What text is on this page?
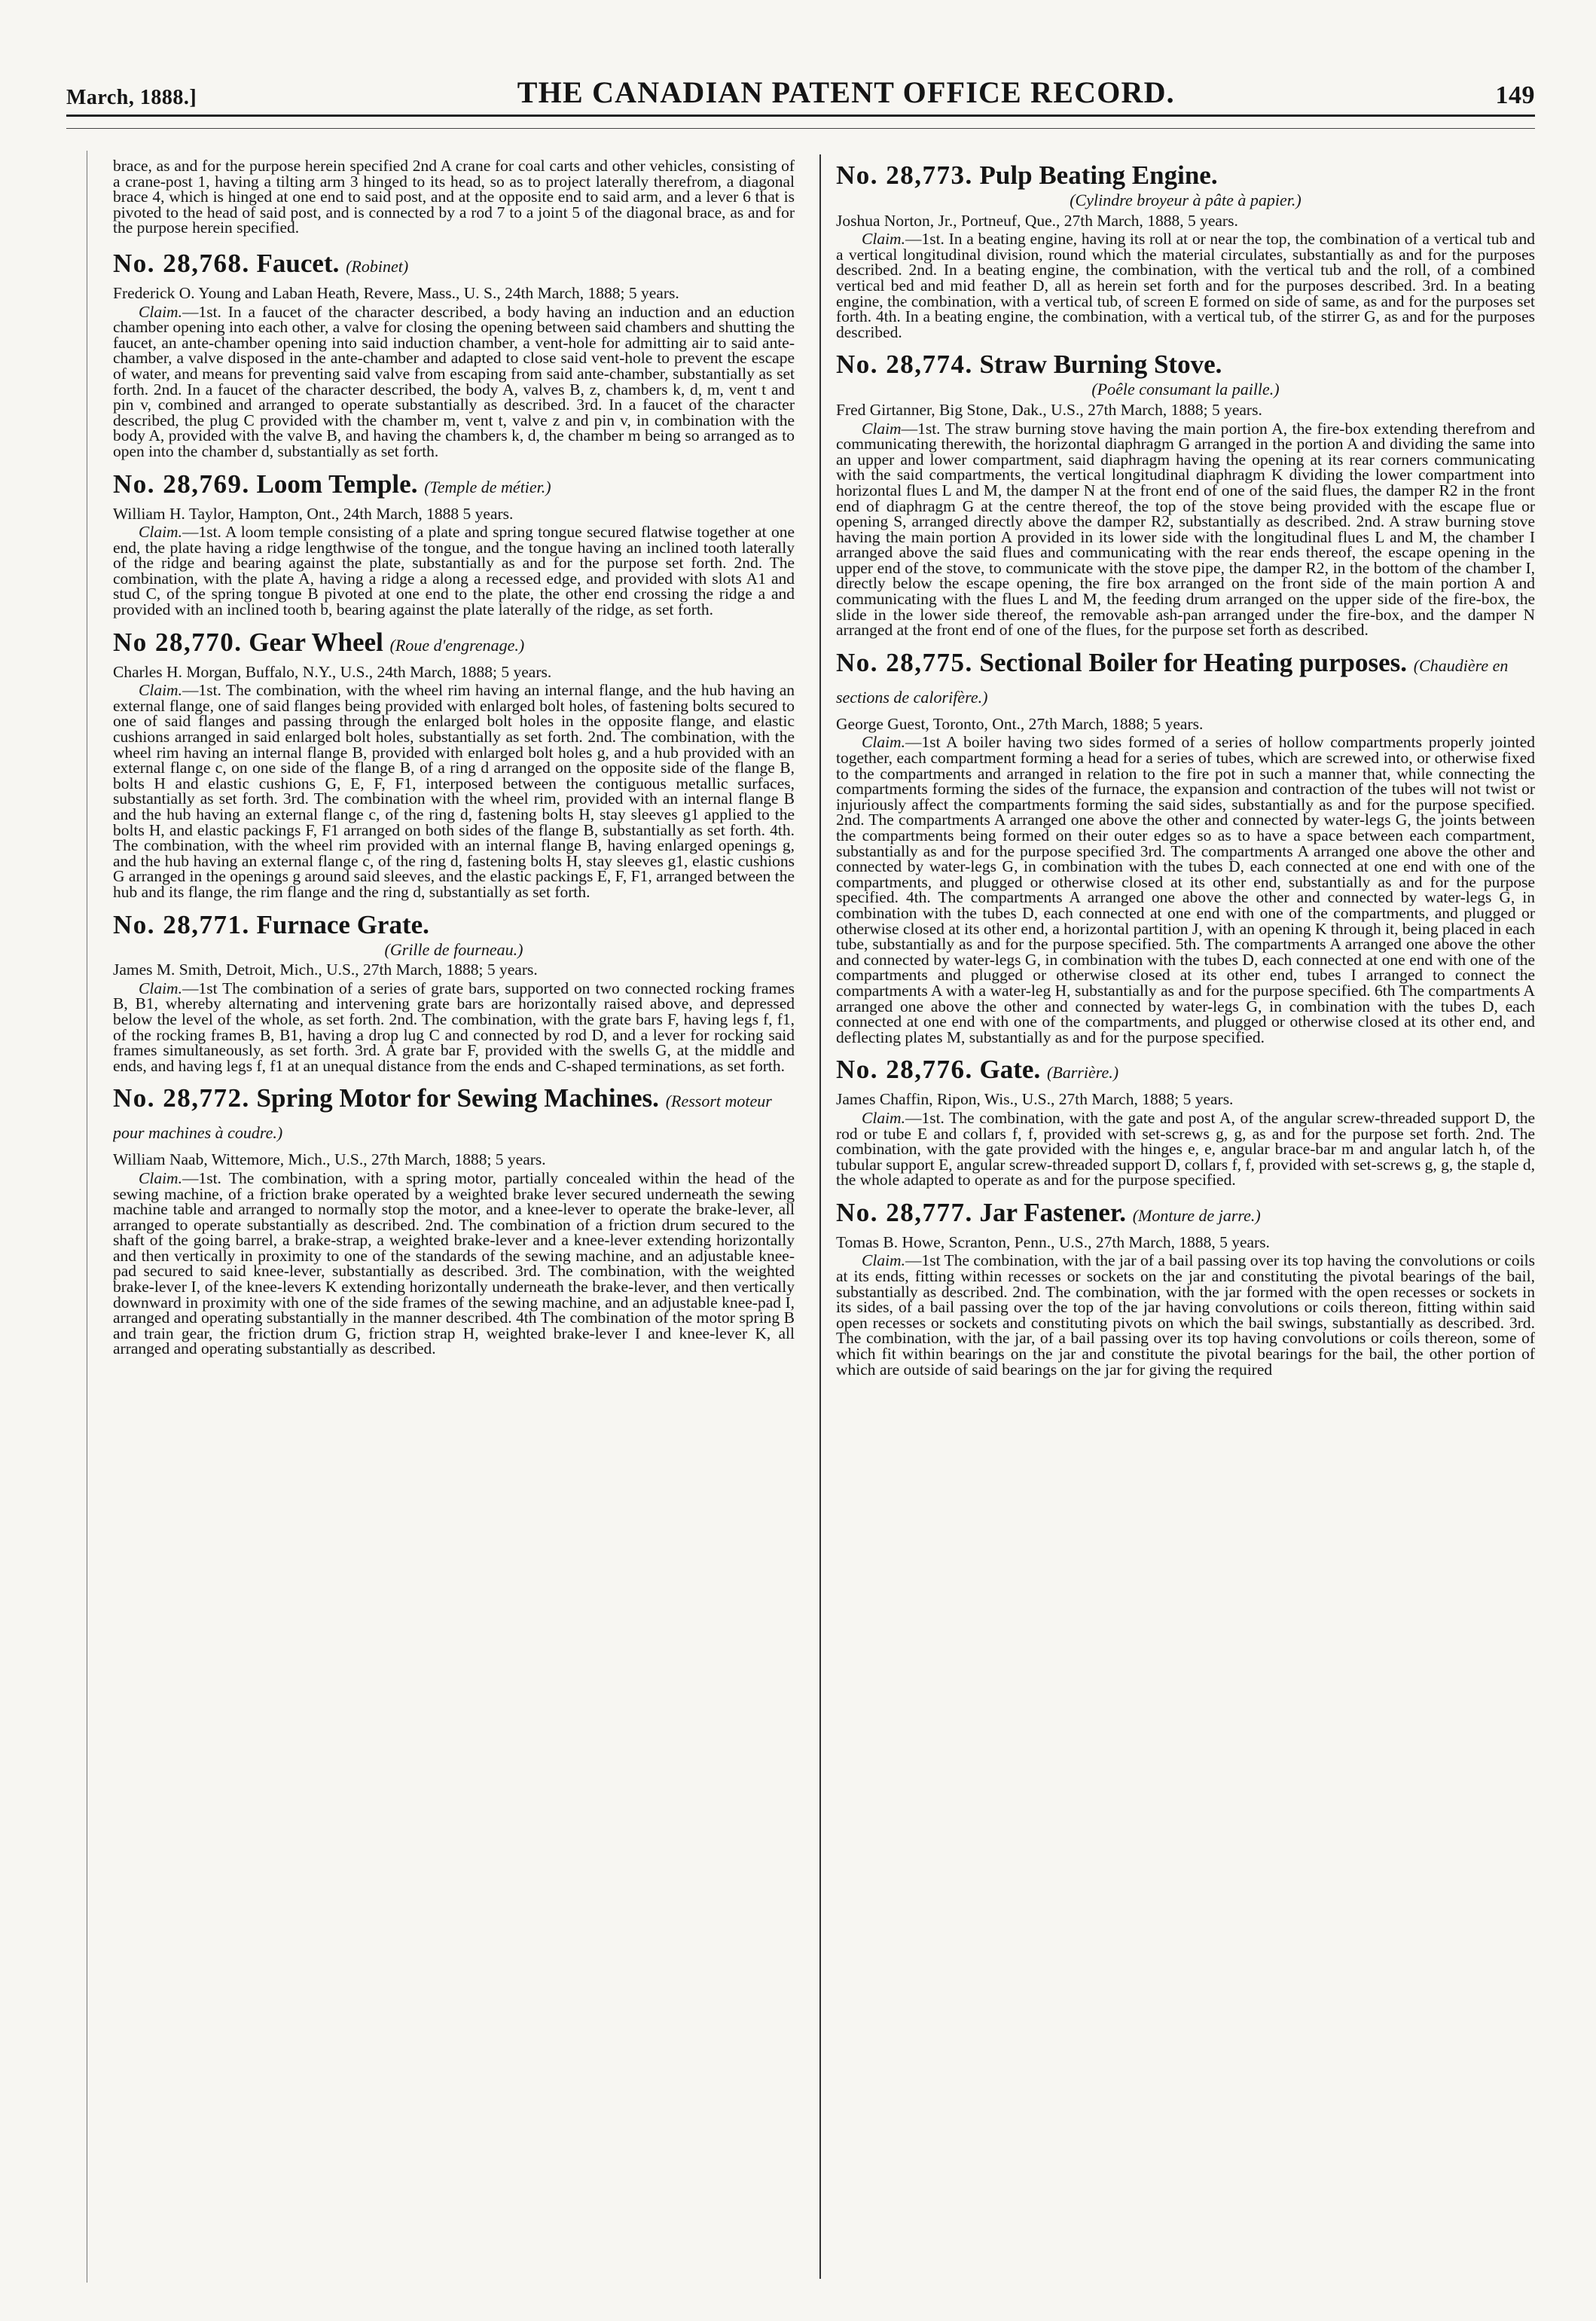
March, 1888.]	THE CANADIAN PATENT OFFICE RECORD.	149

brace, as and for the purpose herein specified 2nd A crane for coal carts and other vehicles, consisting of a crane-post 1, having a tilting arm 3 hinged to its head, so as to project laterally therefrom, a diagonal brace 4, which is hinged at one end to said post, and at the opposite end to said arm, and a lever 6 that is pivoted to the head of said post, and is connected by a rod 7 to a joint 5 of the diagonal brace, as and for the purpose herein specified.

No. 28,768. Faucet. (Robinet)
Frederick O. Young and Laban Heath, Revere, Mass., U. S., 24th March, 1888; 5 years.

Claim.—1st. In a faucet of the character described, a body having an induction and an eduction chamber opening into each other, a valve for closing the opening between said chambers and shutting the faucet, an ante-chamber opening into said induction chamber, a vent-hole for admitting air to said ante-chamber, a valve disposed in the ante-chamber and adapted to close said vent-hole to prevent the escape of water, and means for preventing said valve from escaping from said ante-chamber, substantially as set forth. 2nd. In a faucet of the character described, the body A, valves B, z, chambers k, d, m, vent t and pin v, combined and arranged to operate substantially as described. 3rd. In a faucet of the character described, the plug C provided with the chamber m, vent t, valve z and pin v, in combination with the body A, provided with the valve B, and having the chambers k, d, the chamber m being so arranged as to open into the chamber d, substantially as set forth.

No. 28,769. Loom Temple. (Temple de métier.)
William H. Taylor, Hampton, Ont., 24th March, 1888 5 years.

Claim.—1st. A loom temple consisting of a plate and spring tongue secured flatwise together at one end, the plate having a ridge lengthwise of the tongue, and the tongue having an inclined tooth laterally of the ridge and bearing against the plate, substantially as and for the purpose set forth. 2nd. The combination, with the plate A, having a ridge a along a recessed edge, and provided with slots A1 and stud C, of the spring tongue B pivoted at one end to the plate, the other end crossing the ridge a and provided with an inclined tooth b, bearing against the plate laterally of the ridge, as set forth.

No 28,770. Gear Wheel (Roue d'engrenage.)
Charles H. Morgan, Buffalo, N.Y., U.S., 24th March, 1888; 5 years.

Claim.—1st. The combination, with the wheel rim having an internal flange, and the hub having an external flange, one of said flanges being provided with enlarged bolt holes, of fastening bolts secured to one of said flanges and passing through the enlarged bolt holes in the opposite flange, and elastic cushions arranged in said enlarged bolt holes, substantially as set forth. 2nd. The combination, with the wheel rim having an internal flange B, provided with enlarged bolt holes g, and a hub provided with an external flange c, on one side of the flange B, of a ring d arranged on the opposite side of the flange B, bolts H and elastic cushions G, E, F, F1, interposed between the contiguous metallic surfaces, substantially as set forth. 3rd. The combination with the wheel rim, provided with an internal flange B and the hub having an external flange c, of the ring d, fastening bolts H, stay sleeves g1 applied to the bolts H, and elastic packings F, F1 arranged on both sides of the flange B, substantially as set forth. 4th. The combination, with the wheel rim provided with an internal flange B, having enlarged openings g, and the hub having an external flange c, of the ring d, fastening bolts H, stay sleeves g1, elastic cushions G arranged in the openings g around said sleeves, and the elastic packings E, F, F1, arranged between the hub and its flange, the rim flange and the ring d, substantially as set forth.

No. 28,771. Furnace Grate.
(Grille de fourneau.)
James M. Smith, Detroit, Mich., U.S., 27th March, 1888; 5 years.

Claim.—1st The combination of a series of grate bars, supported on two connected rocking frames B, B1, whereby alternating and intervening grate bars are horizontally raised above, and depressed below the level of the whole, as set forth. 2nd. The combination, with the grate bars F, having legs f, f1, of the rocking frames B, B1, having a drop lug C and connected by rod D, and a lever for rocking said frames simultaneously, as set forth. 3rd. A grate bar F, provided with the swells G, at the middle and ends, and having legs f, f1 at an unequal distance from the ends and C-shaped terminations, as set forth.

No. 28,772. Spring Motor for Sewing Machines. (Ressort moteur pour machines à coudre.)
William Naab, Wittemore, Mich., U.S., 27th March, 1888; 5 years.

Claim.—1st. The combination, with a spring motor, partially concealed within the head of the sewing machine, of a friction brake operated by a weighted brake lever secured underneath the sewing machine table and arranged to normally stop the motor, and a knee-lever to operate the brake-lever, all arranged to operate substantially as described. 2nd. The combination of a friction drum secured to the shaft of the going barrel, a brake-strap, a weighted brake-lever and a knee-lever extending horizontally and then vertically in proximity to one of the standards of the sewing machine, and an adjustable knee-pad secured to said knee-lever, substantially as described. 3rd. The combination, with the weighted brake-lever I, of the knee-levers K extending horizontally underneath the brake-lever, and then vertically downward in proximity with one of the side frames of the sewing machine, and an adjustable knee-pad I, arranged and operating substantially in the manner described. 4th The combination of the motor spring B and train gear, the friction drum G, friction strap H, weighted brake-lever I and knee-lever K, all arranged and operating substantially as described.

No. 28,773. Pulp Beating Engine.
(Cylindre broyeur à pâte à papier.)
Joshua Norton, Jr., Portneuf, Que., 27th March, 1888, 5 years.

Claim.—1st. In a beating engine, having its roll at or near the top, the combination of a vertical tub and a vertical longitudinal division, round which the material circulates, substantially as and for the purposes described. 2nd. In a beating engine, the combination, with the vertical tub and the roll, of a combined vertical bed and mid feather D, all as herein set forth and for the purposes described. 3rd. In a beating engine, the combination, with a vertical tub, of screen E formed on side of same, as and for the purposes set forth. 4th. In a beating engine, the combination, with a vertical tub, of the stirrer G, as and for the purposes described.

No. 28,774. Straw Burning Stove.
(Poêle consumant la paille.)
Fred Girtanner, Big Stone, Dak., U.S., 27th March, 1888; 5 years.

Claim—1st. The straw burning stove having the main portion A, the fire-box extending therefrom and communicating therewith, the horizontal diaphragm G arranged in the portion A and dividing the same into an upper and lower compartment, said diaphragm having the opening at its rear corners communicating with the said compartments, the vertical longitudinal diaphragm K dividing the lower compartment into horizontal flues L and M, the damper N at the front end of one of the said flues, the damper R2 in the front end of diaphragm G at the centre thereof, the top of the stove being provided with the escape flue or opening S, arranged directly above the damper R2, substantially as described. 2nd. A straw burning stove having the main portion A provided in its lower side with the longitudinal flues L and M, the chamber I arranged above the said flues and communicating with the rear ends thereof, the escape opening in the upper end of the stove, to communicate with the stove pipe, the damper R2, in the bottom of the chamber I, directly below the escape opening, the fire box arranged on the front side of the main portion A and communicating with the flues L and M, the feeding drum arranged on the upper side of the fire-box, the slide in the lower side thereof, the removable ash-pan arranged under the fire-box, and the damper N arranged at the front end of one of the flues, for the purpose set forth as described.

No. 28,775. Sectional Boiler for Heating purposes. (Chaudière en sections de calorifère.)
George Guest, Toronto, Ont., 27th March, 1888; 5 years.

Claim.—1st A boiler having two sides formed of a series of hollow compartments properly jointed together, each compartment forming a head for a series of tubes, which are screwed into, or otherwise fixed to the compartments and arranged in relation to the fire pot in such a manner that, while connecting the compartments forming the sides of the furnace, the expansion and contraction of the tubes will not twist or injuriously affect the compartments forming the said sides, substantially as and for the purpose specified. 2nd. The compartments A arranged one above the other and connected by water-legs G, the joints between the compartments being formed on their outer edges so as to have a space between each compartment, substantially as and for the purpose specified 3rd. The compartments A arranged one above the other and connected by water-legs G, in combination with the tubes D, each connected at one end with one of the compartments, and plugged or otherwise closed at its other end, substantially as and for the purpose specified. 4th. The compartments A arranged one above the other and connected by water-legs G, in combination with the tubes D, each connected at one end with one of the compartments, and plugged or otherwise closed at its other end, a horizontal partition J, with an opening K through it, being placed in each tube, substantially as and for the purpose specified. 5th. The compartments A arranged one above the other and connected by water-legs G, in combination with the tubes D, each connected at one end with one of the compartments and plugged or otherwise closed at its other end, tubes I arranged to connect the compartments A with a water-leg H, substantially as and for the purpose specified. 6th The compartments A arranged one above the other and connected by water-legs G, in combination with the tubes D, each connected at one end with one of the compartments, and plugged or otherwise closed at its other end, and deflecting plates M, substantially as and for the purpose specified.

No. 28,776. Gate. (Barrière.)
James Chaffin, Ripon, Wis., U.S., 27th March, 1888; 5 years.

Claim.—1st. The combination, with the gate and post A, of the angular screw-threaded support D, the rod or tube E and collars f, f, provided with set-screws g, g, as and for the purpose set forth. 2nd. The combination, with the gate provided with the hinges e, e, angular brace-bar m and angular latch h, of the tubular support E, angular screw-threaded support D, collars f, f, provided with set-screws g, g, the staple d, the whole adapted to operate as and for the purpose specified.

No. 28,777. Jar Fastener. (Monture de jarre.)
Tomas B. Howe, Scranton, Penn., U.S., 27th March, 1888, 5 years.

Claim.—1st The combination, with the jar of a bail passing over its top having the convolutions or coils at its ends, fitting within recesses or sockets on the jar and constituting the pivotal bearings of the bail, substantially as described. 2nd. The combination, with the jar formed with the open recesses or sockets in its sides, of a bail passing over the top of the jar having convolutions or coils thereon, fitting within said open recesses or sockets and constituting pivots on which the bail swings, substantially as described. 3rd. The combination, with the jar, of a bail passing over its top having convolutions or coils thereon, some of which fit within bearings on the jar and constitute the pivotal bearings for the bail, the other portion of which are outside of said bearings on the jar for giving the required
